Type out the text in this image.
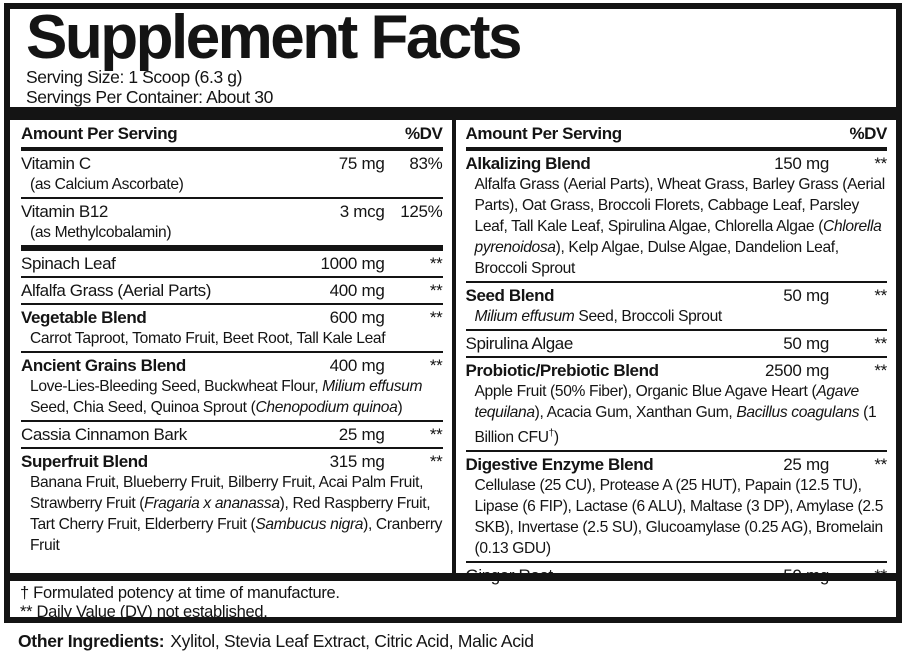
Supplement Facts
Serving Size: 1 Scoop (6.3 g)
Servings Per Container: About 30
Amount Per Serving	%DV
Vitamin C	75 mg	83%
(as Calcium Ascorbate)
Vitamin B12	3 mcg 125%
(as Methylcobalamin)
Spinach Leaf	1000 mg	**
Alfalfa Grass (Aerial Parts)	400 mg	**
Vegetable Blend	600 mg	**
Carrot Taproot, Tomato Fruit, Beet Root, Tall Kale Leaf
Ancient Grains Blend	400 mg	**
Love-Lies-Bleeding Seed, Buckwheat Flour, Milium effusum Seed, Chia Seed, Quinoa Sprout (Chenopodium quinoa)
Cassia Cinnamon Bark	25 mg	**
Superfruit Blend	315 mg	**
Banana Fruit, Blueberry Fruit, Bilberry Fruit, Acai Palm Fruit, Strawberry Fruit (Fragaria x ananassa), Red Raspberry Fruit, Tart Cherry Fruit, Elderberry Fruit (Sambucus nigra), Cranberry Fruit
Amount Per Serving	%DV
Alkalizing Blend	150 mg	**
Alfalfa Grass (Aerial Parts), Wheat Grass, Barley Grass (Aerial Parts), Oat Grass, Broccoli Florets, Cabbage Leaf, Parsley Leaf, Tall Kale Leaf, Spirulina Algae, Chlorella Algae (Chlorella pyrenoidosa), Kelp Algae, Dulse Algae, Dandelion Leaf, Broccoli Sprout
Seed Blend	50 mg	**
Milium effusum Seed, Broccoli Sprout
Spirulina Algae	50 mg	**
Probiotic/Prebiotic Blend	2500 mg	**
Apple Fruit (50% Fiber), Organic Blue Agave Heart (Agave tequilana), Acacia Gum, Xanthan Gum, Bacillus coagulans (1 Billion CFU†)
Digestive Enzyme Blend	25 mg	**
Cellulase (25 CU), Protease A (25 HUT), Papain (12.5 TU), Lipase (6 FIP), Lactase (6 ALU), Maltase (3 DP), Amylase (2.5 SKB), Invertase (2.5 SU), Glucoamylase (0.25 AG), Bromelain (0.13 GDU)

† Formulated potency at time of manufacture.

** Daily Value (DV) not established.

Other Ingredients: Xylitol, Stevia Leaf Extract, Citric Acid, Malic Acid
